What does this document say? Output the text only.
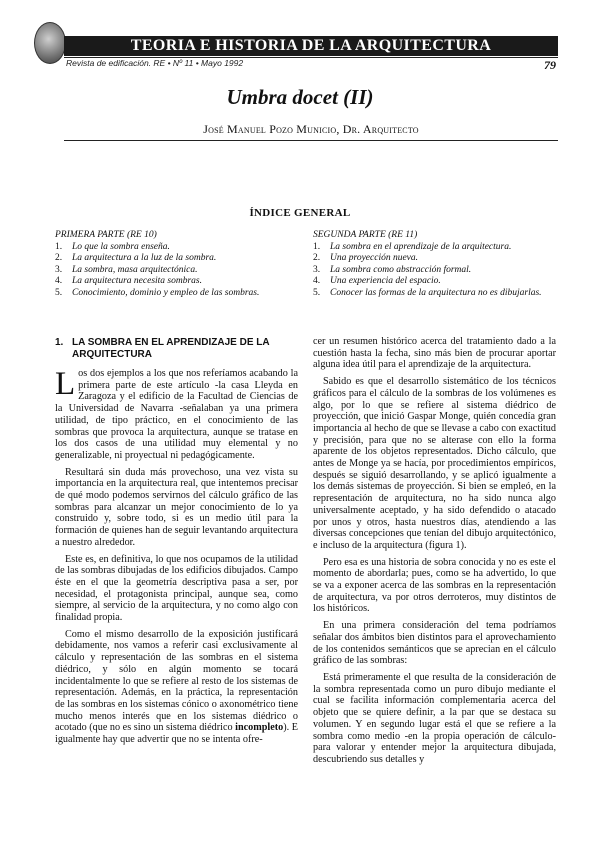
TEORIA E HISTORIA DE LA ARQUITECTURA
Revista de edificación. RE • Nº 11 • Mayo 1992	79
Umbra docet (II)
José Manuel Pozo Municio, Dr. Arquitecto
ÍNDICE GENERAL
PRIMERA PARTE (RE 10)
1.	Lo que la sombra enseña.
2.	La arquitectura a la luz de la sombra.
3.	La sombra, masa arquitectónica.
4.	La arquitectura necesita sombras.
5.	Conocimiento, dominio y empleo de las sombras.
SEGUNDA PARTE (RE 11)
1.	La sombra en el aprendizaje de la arquitectura.
2.	Una proyección nueva.
3.	La sombra como abstracción formal.
4.	Una experiencia del espacio.
5.	Conocer las formas de la arquitectura no es dibujarlas.
1. LA SOMBRA EN EL APRENDIZAJE DE LA ARQUITECTURA

Los dos ejemplos a los que nos referíamos acabando la primera parte de este artículo -la casa Lleyda en Zaragoza y el edificio de la Facultad de Ciencias de la Universidad de Navarra -señalaban ya una primera utilidad, de tipo práctico, en el conocimiento de las sombras que provoca la arquitectura, aunque se tratase en los dos casos de una utilidad muy elemental y no generalizable, ni proyectual ni pedagógicamente.

Resultará sin duda más provechoso, una vez vista su importancia en la arquitectura real, que intentemos precisar de qué modo podemos servirnos del cálculo gráfico de las sombras para alcanzar un mejor conocimiento de lo ya construido y, sobre todo, si es un medio útil para la formación de quienes han de seguir levantando arquitectura a nuestro alrededor.

Este es, en definitiva, lo que nos ocupamos de la utilidad de las sombras dibujadas de los edificios dibujados. Campo éste en el que la geometría descriptiva pasa a ser, por necesidad, el protagonista principal, aunque sea, como siempre, al servicio de la arquitectura, y no como algo con finalidad propia.

Como el mismo desarrollo de la exposición justificará debidamente, nos vamos a referir casi exclusivamente al cálculo y representación de las sombras en el sistema diédrico, y sólo en algún momento se tocará incidentalmente lo que se refiere al resto de los sistemas de representación. Además, en la práctica, la representación de las sombras en los sistemas cónico o axonométrico tiene mucho menos interés que en los sistemas diédrico o acotado (que no es sino un sistema diédrico incompleto). E igualmente hay que advertir que no se intenta ofre-

cer un resumen histórico acerca del tratamiento dado a la cuestión hasta la fecha, sino más bien de procurar aportar alguna idea útil para el aprendizaje de la arquitectura.

Sabido es que el desarrollo sistemático de los técnicos gráficos para el cálculo de la sombras de los volúmenes es algo, por lo que se refiere al sistema diédrico de proyección, que inició Gaspar Monge, quién concedía gran importancia al hecho de que se llevase a cabo con exactitud y precisión, para que no se alterase con ello la forma aparente de los objetos representados. Dicho cálculo, que antes de Monge ya se hacía, por procedimientos empíricos, después se siguió desarrollando, y se aplicó igualmente a los demás sistemas de proyección. Si bien se empleó, en la representación de arquitectura, no ha sido nunca algo universalmente aceptado, y ha sido defendido o atacado por unos y otros, hasta nuestros días, atendiendo a las diversas concepciones que tenían del dibujo arquitectónico, e incluso de la arquitectura (figura 1).

Pero esa es una historia de sobra conocida y no es este el momento de abordarla; pues, como se ha advertido, lo que se va a exponer acerca de las sombras en la representación de arquitectura, va por otros derroteros, muy distintos de los históricos.

En una primera consideración del tema podríamos señalar dos ámbitos bien distintos para el aprovechamiento de los contenidos semánticos que se aprecian en el cálculo gráfico de las sombras:

Está primeramente el que resulta de la consideración de la sombra representada como un puro dibujo mediante el cual se facilita información complementaria acerca del objeto que se quiere definir, a la par que se destaca su volumen. Y en segundo lugar está el que se refiere a la sombra como medio -en la propia operación de cálculo- para valorar y entender mejor la arquitectura dibujada, descubriendo sus detalles y
